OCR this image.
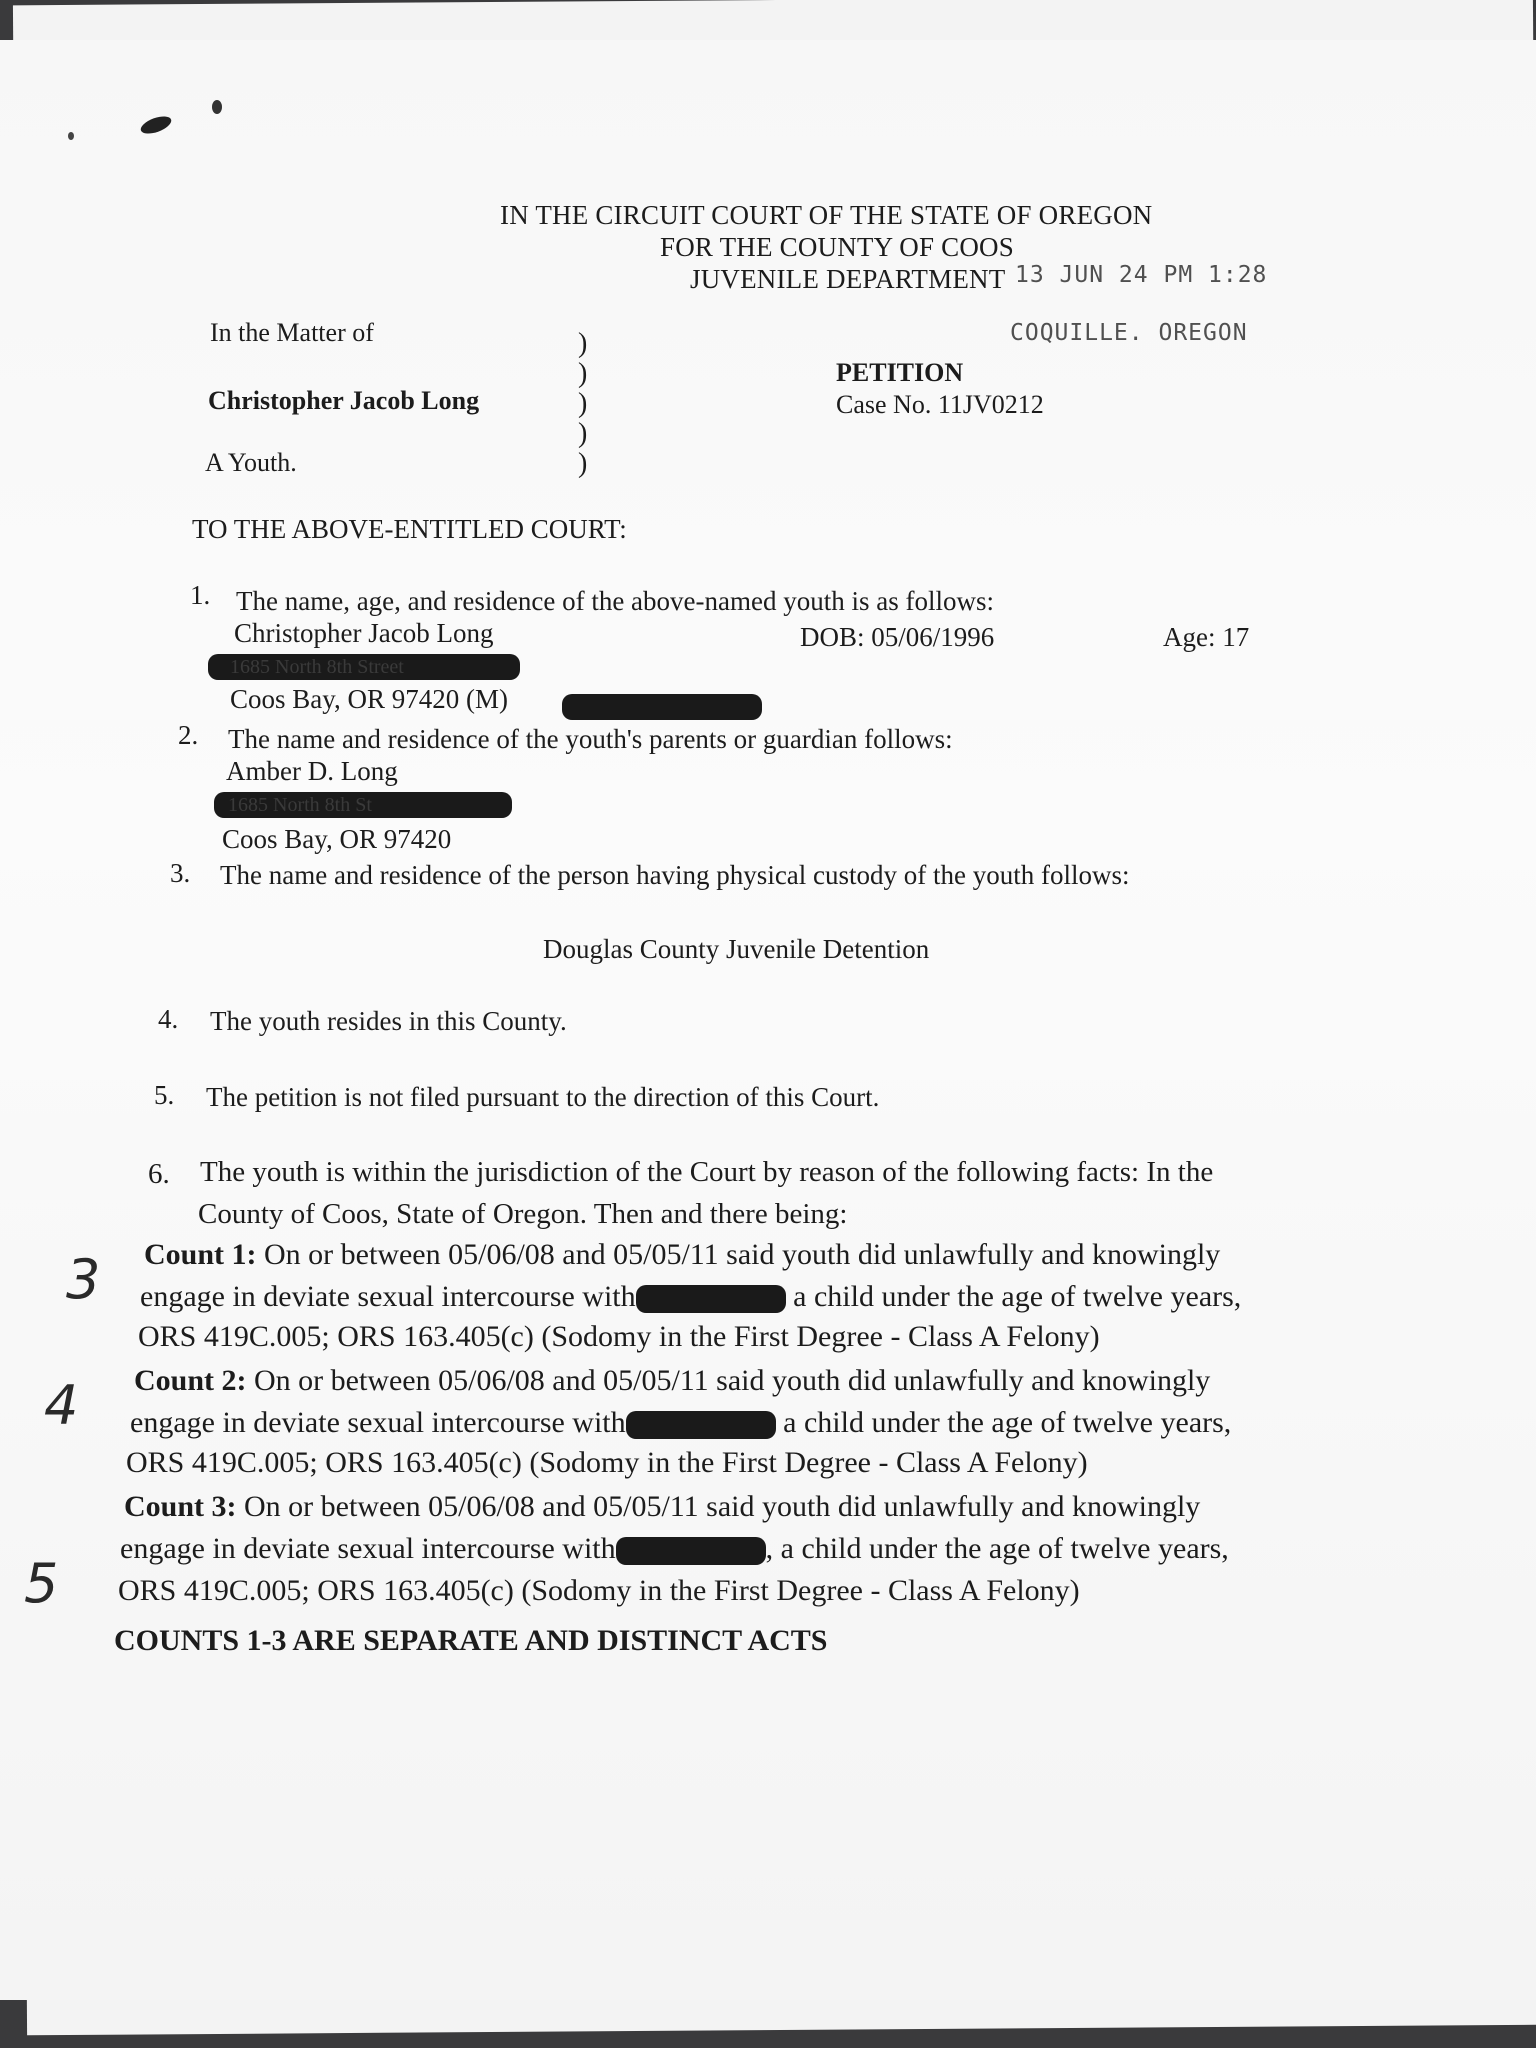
IN THE CIRCUIT COURT OF THE STATE OF OREGON
FOR THE COUNTY OF COOS
JUVENILE DEPARTMENT 13 JUN 24 PM 1:28
COQUILLE. OREGON
In the Matter of
Christopher Jacob Long
A Youth.
)
)
)
)
)
PETITION
Case No. 11JV0212
TO THE ABOVE-ENTITLED COURT:
1. The name, age, and residence of the above-named youth is as follows:
Christopher Jacob Long	DOB: 05/06/1996	Age: 17
1685 North 8th Street
Coos Bay, OR 97420 (M)
2. The name and residence of the youth's parents or guardian follows:
Amber D. Long
1685 North 8th St
Coos Bay, OR 97420
3. The name and residence of the person having physical custody of the youth follows:
Douglas County Juvenile Detention
4. The youth resides in this County.
5. The petition is not filed pursuant to the direction of this Court.
6. The youth is within the jurisdiction of the Court by reason of the following facts: In the
County of Coos, State of Oregon. Then and there being:
Count 1: On or between 05/06/08 and 05/05/11 said youth did unlawfully and knowingly
engage in deviate sexual intercourse with	a child under the age of twelve years,
ORS 419C.005; ORS 163.405(c) (Sodomy in the First Degree - Class A Felony)
Count 2: On or between 05/06/08 and 05/05/11 said youth did unlawfully and knowingly
engage in deviate sexual intercourse with	a child under the age of twelve years,
ORS 419C.005; ORS 163.405(c) (Sodomy in the First Degree - Class A Felony)
Count 3: On or between 05/06/08 and 05/05/11 said youth did unlawfully and knowingly
engage in deviate sexual intercourse with	, a child under the age of twelve years,
ORS 419C.005; ORS 163.405(c) (Sodomy in the First Degree - Class A Felony)
COUNTS 1-3 ARE SEPARATE AND DISTINCT ACTS
3
4
5
